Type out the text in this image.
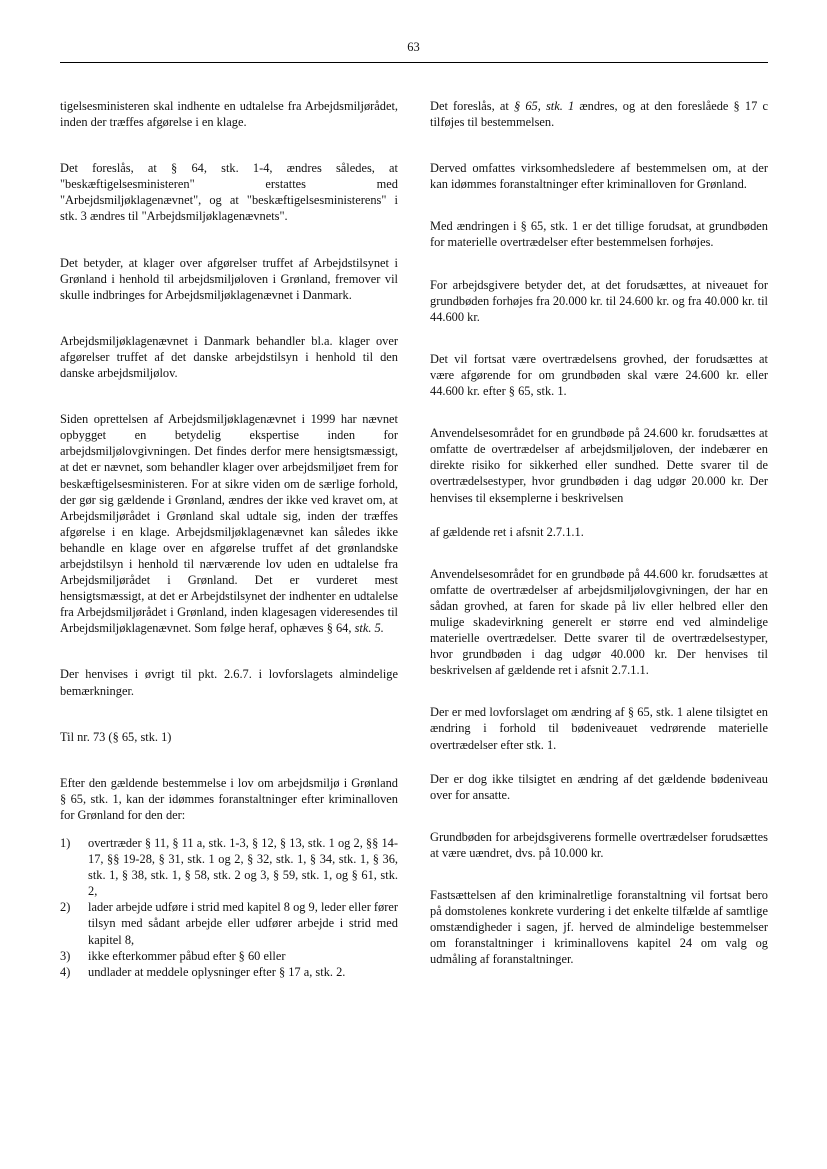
63

tigelsesministeren skal indhente en udtalelse fra Arbejdsmiljørådet, inden der træffes afgørelse i en klage.

Det foreslås, at § 64, stk. 1-4, ændres således, at "beskæftigelsesministeren" erstattes med "Arbejdsmiljøklagenævnet", og at "beskæftigelsesministerens" i stk. 3 ændres til "Arbejdsmiljøklagenævnets".

Det betyder, at klager over afgørelser truffet af Arbejdstilsynet i Grønland i henhold til arbejdsmiljøloven i Grønland, fremover vil skulle indbringes for Arbejdsmiljøklagenævnet i Danmark.

Arbejdsmiljøklagenævnet i Danmark behandler bl.a. klager over afgørelser truffet af det danske arbejdstilsyn i henhold til den danske arbejdsmiljølov.

Siden oprettelsen af Arbejdsmiljøklagenævnet i 1999 har nævnet opbygget en betydelig ekspertise inden for arbejdsmiljølovgivningen. Det findes derfor mere hensigtsmæssigt, at det er nævnet, som behandler klager over arbejdsmiljøet frem for beskæftigelsesministeren. For at sikre viden om de særlige forhold, der gør sig gældende i Grønland, ændres der ikke ved kravet om, at Arbejdsmiljørådet i Grønland skal udtale sig, inden der træffes afgørelse i en klage. Arbejdsmiljøklagenævnet kan således ikke behandle en klage over en afgørelse truffet af det grønlandske arbejdstilsyn i henhold til nærværende lov uden en udtalelse fra Arbejdsmiljørådet i Grønland. Det er vurderet mest hensigtsmæssigt, at det er Arbejdstilsynet der indhenter en udtalelse fra Arbejdsmiljørådet i Grønland, inden klagesagen videresendes til Arbejdsmiljøklagenævnet. Som følge heraf, ophæves § 64, stk. 5.

Der henvises i øvrigt til pkt. 2.6.7. i lovforslagets almindelige bemærkninger.

Til nr. 73 (§ 65, stk. 1)

Efter den gældende bestemmelse i lov om arbejdsmiljø i Grønland § 65, stk. 1, kan der idømmes foranstaltninger efter kriminalloven for Grønland for den der:

1)	overtræder § 11, § 11 a, stk. 1-3, § 12, § 13, stk. 1 og 2, §§ 14-17, §§ 19-28, § 31, stk. 1 og 2, § 32, stk. 1, § 34, stk. 1, § 36, stk. 1, § 38, stk. 1, § 58, stk. 2 og 3, § 59, stk. 1, og § 61, stk. 2,
2)	lader arbejde udføre i strid med kapitel 8 og 9, leder eller fører tilsyn med sådant arbejde eller udfører arbejde i strid med kapitel 8,
3)	ikke efterkommer påbud efter § 60 eller
4)	undlader at meddele oplysninger efter § 17 a, stk. 2.

Det foreslås, at § 65, stk. 1 ændres, og at den foreslåede § 17 c tilføjes til bestemmelsen.

Derved omfattes virksomhedsledere af bestemmelsen om, at der kan idømmes foranstaltninger efter kriminalloven for Grønland.

Med ændringen i § 65, stk. 1 er det tillige forudsat, at grundbøden for materielle overtrædelser efter bestemmelsen forhøjes.

For arbejdsgivere betyder det, at det forudsættes, at niveauet for grundbøden forhøjes fra 20.000 kr. til 24.600 kr. og fra 40.000 kr. til 44.600 kr.

Det vil fortsat være overtrædelsens grovhed, der forudsættes at være afgørende for om grundbøden skal være 24.600 kr. eller 44.600 kr. efter § 65, stk. 1.

Anvendelsesområdet for en grundbøde på 24.600 kr. forudsættes at omfatte de overtrædelser af arbejdsmiljøloven, der indebærer en direkte risiko for sikkerhed eller sundhed. Dette svarer til de overtrædelsestyper, hvor grundbøden i dag udgør 20.000 kr. Der henvises til eksemplerne i beskrivelsen

af gældende ret i afsnit 2.7.1.1.

Anvendelsesområdet for en grundbøde på 44.600 kr. forudsættes at omfatte de overtrædelser af arbejdsmiljølovgivningen, der har en sådan grovhed, at faren for skade på liv eller helbred eller den mulige skadevirkning generelt er større end ved almindelige materielle overtrædelser. Dette svarer til de overtrædelsestyper, hvor grundbøden i dag udgør 40.000 kr. Der henvises til beskrivelsen af gældende ret i afsnit 2.7.1.1.

Der er med lovforslaget om ændring af § 65, stk. 1 alene tilsigtet en ændring i forhold til bødeniveauet vedrørende materielle overtrædelser efter stk. 1.

Der er dog ikke tilsigtet en ændring af det gældende bødeniveau over for ansatte.

Grundbøden for arbejdsgiverens formelle overtrædelser forudsættes at være uændret, dvs. på 10.000 kr.

Fastsættelsen af den kriminalretlige foranstaltning vil fortsat bero på domstolenes konkrete vurdering i det enkelte tilfælde af samtlige omstændigheder i sagen, jf. herved de almindelige bestemmelser om foranstaltninger i kriminallovens kapitel 24 om valg og udmåling af foranstaltninger.
